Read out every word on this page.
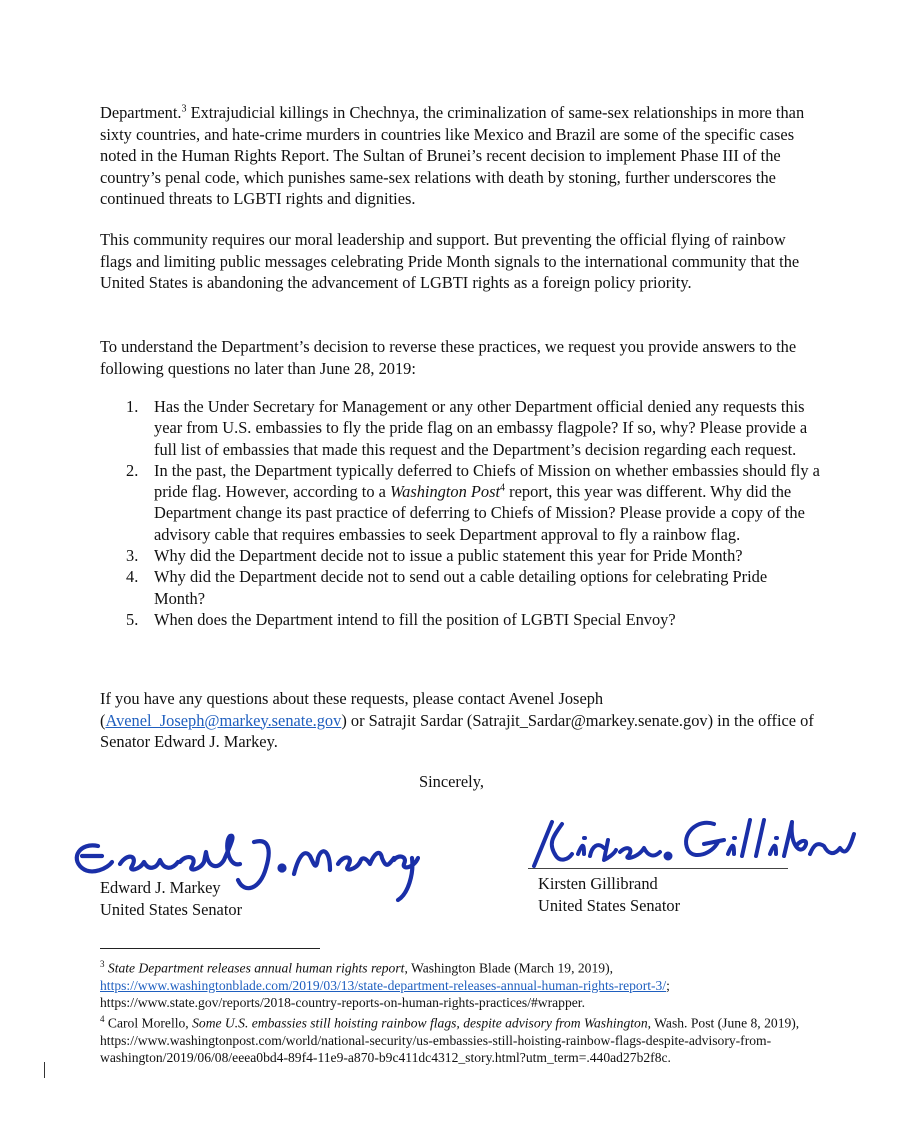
Department.$^3$ Extrajudicial killings in Chechnya, the criminalization of same-sex relationships in more than sixty countries, and hate-crime murders in countries like Mexico and Brazil are some of the specific cases noted in the Human Rights Report. The Sultan of Brunei’s recent decision to implement Phase III of the country’s penal code, which punishes same-sex relations with death by stoning, further underscores the continued threats to LGBTI rights and dignities.

This community requires our moral leadership and support. But preventing the official flying of rainbow flags and limiting public messages celebrating Pride Month signals to the international community that the United States is abandoning the advancement of LGBTI rights as a foreign policy priority.

To understand the Department’s decision to reverse these practices, we request you provide answers to the following questions no later than June 28, 2019:

1. Has the Under Secretary for Management or any other Department official denied any requests this year from U.S. embassies to fly the pride flag on an embassy flagpole? If so, why? Please provide a full list of embassies that made this request and the Department’s decision regarding each request.
2. In the past, the Department typically deferred to Chiefs of Mission on whether embassies should fly a pride flag. However, according to a Washington Post$^4$ report, this year was different. Why did the Department change its past practice of deferring to Chiefs of Mission? Please provide a copy of the advisory cable that requires embassies to seek Department approval to fly a rainbow flag.
3. Why did the Department decide not to issue a public statement this year for Pride Month?
4. Why did the Department decide not to send out a cable detailing options for celebrating Pride Month?
5. When does the Department intend to fill the position of LGBTI Special Envoy?

If you have any questions about these requests, please contact Avenel Joseph (Avenel_Joseph@markey.senate.gov) or Satrajit Sardar (Satrajit_Sardar@markey.senate.gov) in the office of Senator Edward J. Markey.

Sincerely,
Edward J. Markey
United States Senator
Kirsten Gillibrand
United States Senator

$^3$ State Department releases annual human rights report, Washington Blade (March 19, 2019),
https://www.washingtonblade.com/2019/03/13/state-department-releases-annual-human-rights-report-3/;
https://www.state.gov/reports/2018-country-reports-on-human-rights-practices/#wrapper.

$^4$ Carol Morello, Some U.S. embassies still hoisting rainbow flags, despite advisory from Washington, Wash. Post (June 8, 2019), https://www.washingtonpost.com/world/national-security/us-embassies-still-hoisting-rainbow-flags-despite-advisory-from-washington/2019/06/08/eeea0bd4-89f4-11e9-a870-b9c411dc4312_story.html?utm_term=.440ad27b2f8c.
